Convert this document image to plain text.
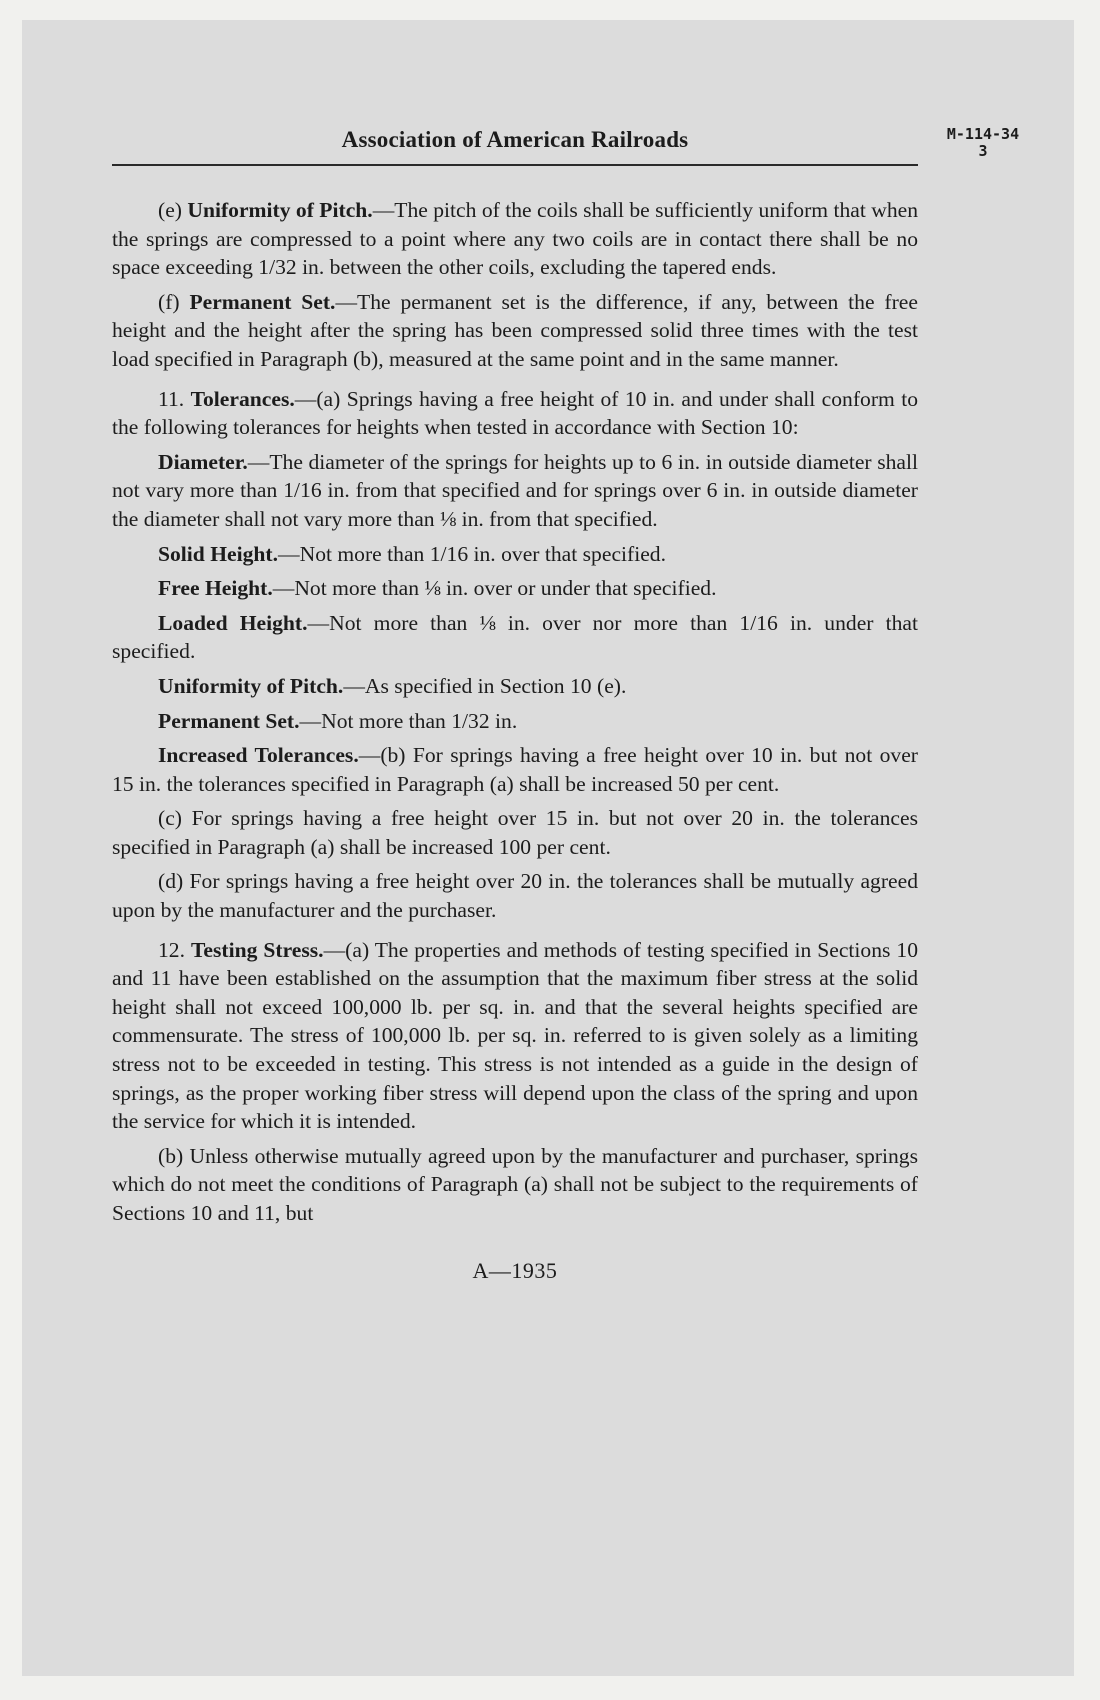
Association of American Railroads	M-114-34
3

(e) Uniformity of Pitch.—The pitch of the coils shall be sufficiently uniform that when the springs are compressed to a point where any two coils are in contact there shall be no space exceeding 1/32 in. between the other coils, excluding the tapered ends.

(f) Permanent Set.—The permanent set is the difference, if any, between the free height and the height after the spring has been compressed solid three times with the test load specified in Paragraph (b), measured at the same point and in the same manner.

11. Tolerances.—(a) Springs having a free height of 10 in. and under shall conform to the following tolerances for heights when tested in accordance with Section 10:

Diameter.—The diameter of the springs for heights up to 6 in. in outside diameter shall not vary more than 1/16 in. from that specified and for springs over 6 in. in outside diameter the diameter shall not vary more than ⅛ in. from that specified.

Solid Height.—Not more than 1/16 in. over that specified.

Free Height.—Not more than ⅛ in. over or under that specified.

Loaded Height.—Not more than ⅛ in. over nor more than 1/16 in. under that specified.

Uniformity of Pitch.—As specified in Section 10 (e).

Permanent Set.—Not more than 1/32 in.

Increased Tolerances.—(b) For springs having a free height over 10 in. but not over 15 in. the tolerances specified in Paragraph (a) shall be increased 50 per cent.

(c) For springs having a free height over 15 in. but not over 20 in. the tolerances specified in Paragraph (a) shall be increased 100 per cent.

(d) For springs having a free height over 20 in. the tolerances shall be mutually agreed upon by the manufacturer and the purchaser.

12. Testing Stress.—(a) The properties and methods of testing specified in Sections 10 and 11 have been established on the assumption that the maximum fiber stress at the solid height shall not exceed 100,000 lb. per sq. in. and that the several heights specified are commensurate. The stress of 100,000 lb. per sq. in. referred to is given solely as a limiting stress not to be exceeded in testing. This stress is not intended as a guide in the design of springs, as the proper working fiber stress will depend upon the class of the spring and upon the service for which it is intended.

(b) Unless otherwise mutually agreed upon by the manufacturer and purchaser, springs which do not meet the conditions of Paragraph (a) shall not be subject to the requirements of Sections 10 and 11, but

A—1935
